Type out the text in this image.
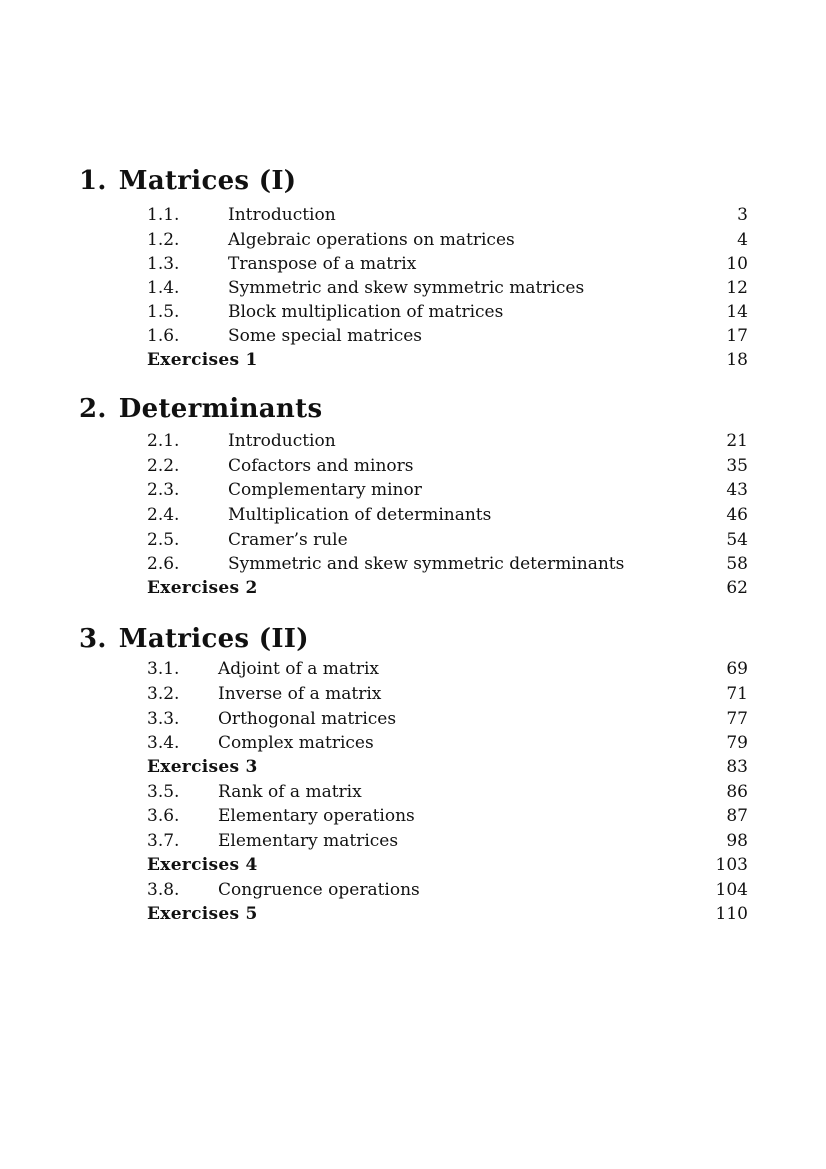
1. Matrices (I)
1.1.	Introduction	3
1.2.	Algebraic operations on matrices	4
1.3.	Transpose of a matrix	10
1.4.	Symmetric and skew symmetric matrices	12
1.5.	Block multiplication of matrices	14
1.6.	Some special matrices	17
Exercises 1	18
2. Determinants
2.1.	Introduction	21
2.2.	Cofactors and minors	35
2.3.	Complementary minor	43
2.4.	Multiplication of determinants	46
2.5.	Cramer’s rule	54
2.6.	Symmetric and skew symmetric determinants	58
Exercises 2	62
3. Matrices (II)
3.1. Adjoint of a matrix	69
3.2. Inverse of a matrix	71
3.3. Orthogonal matrices	77
3.4. Complex matrices	79
Exercises 3	83
3.5. Rank of a matrix	86
3.6. Elementary operations	87
3.7. Elementary matrices	98
Exercises 4	103
3.8. Congruence operations	104
Exercises 5	110
